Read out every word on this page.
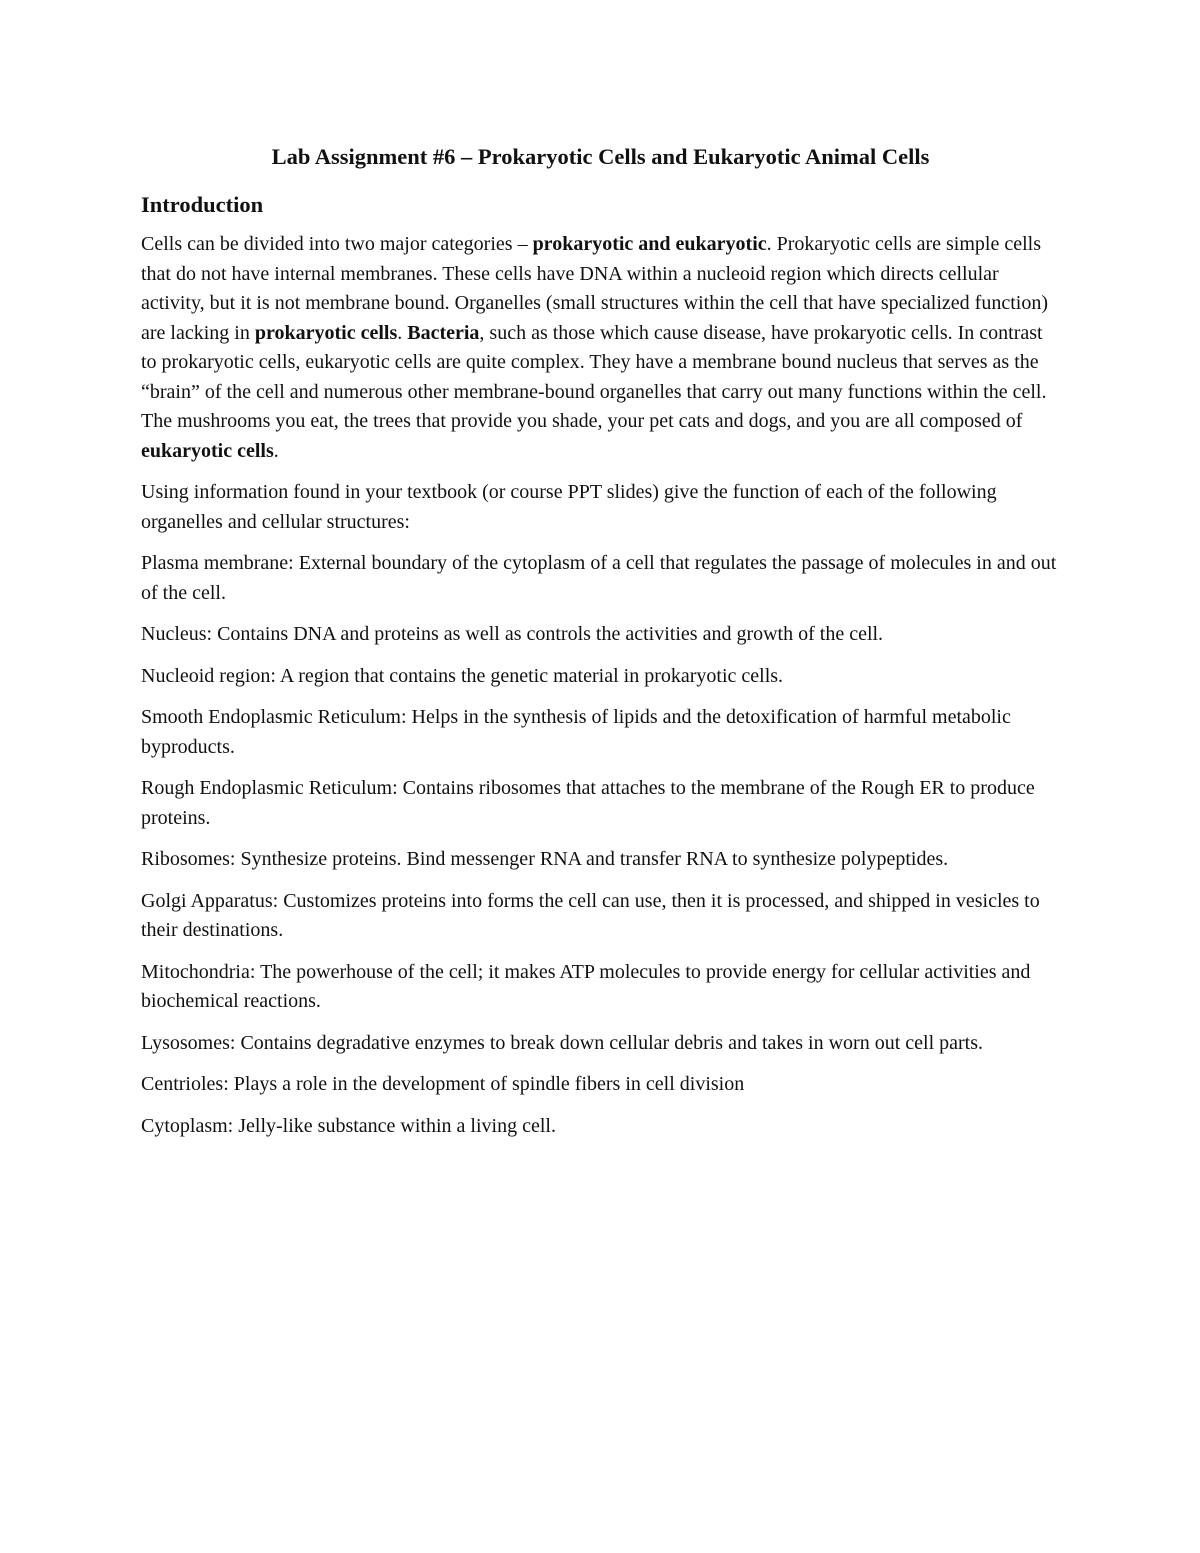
Lab Assignment #6 – Prokaryotic Cells and Eukaryotic Animal Cells
Introduction

Cells can be divided into two major categories – prokaryotic and eukaryotic. Prokaryotic cells are simple cells that do not have internal membranes. These cells have DNA within a nucleoid region which directs cellular activity, but it is not membrane bound. Organelles (small structures within the cell that have specialized function) are lacking in prokaryotic cells. Bacteria, such as those which cause disease, have prokaryotic cells. In contrast to prokaryotic cells, eukaryotic cells are quite complex. They have a membrane bound nucleus that serves as the “brain” of the cell and numerous other membrane-bound organelles that carry out many functions within the cell. The mushrooms you eat, the trees that provide you shade, your pet cats and dogs, and you are all composed of eukaryotic cells.

Using information found in your textbook (or course PPT slides) give the function of each of the following organelles and cellular structures:

Plasma membrane: External boundary of the cytoplasm of a cell that regulates the passage of molecules in and out of the cell.

Nucleus: Contains DNA and proteins as well as controls the activities and growth of the cell.

Nucleoid region: A region that contains the genetic material in prokaryotic cells.

Smooth Endoplasmic Reticulum: Helps in the synthesis of lipids and the detoxification of harmful metabolic byproducts.

Rough Endoplasmic Reticulum: Contains ribosomes that attaches to the membrane of the Rough ER to produce proteins.

Ribosomes: Synthesize proteins. Bind messenger RNA and transfer RNA to synthesize polypeptides.

Golgi Apparatus: Customizes proteins into forms the cell can use, then it is processed, and shipped in vesicles to their destinations.

Mitochondria: The powerhouse of the cell; it makes ATP molecules to provide energy for cellular activities and biochemical reactions.

Lysosomes: Contains degradative enzymes to break down cellular debris and takes in worn out cell parts.

Centrioles: Plays a role in the development of spindle fibers in cell division

Cytoplasm: Jelly-like substance within a living cell.
